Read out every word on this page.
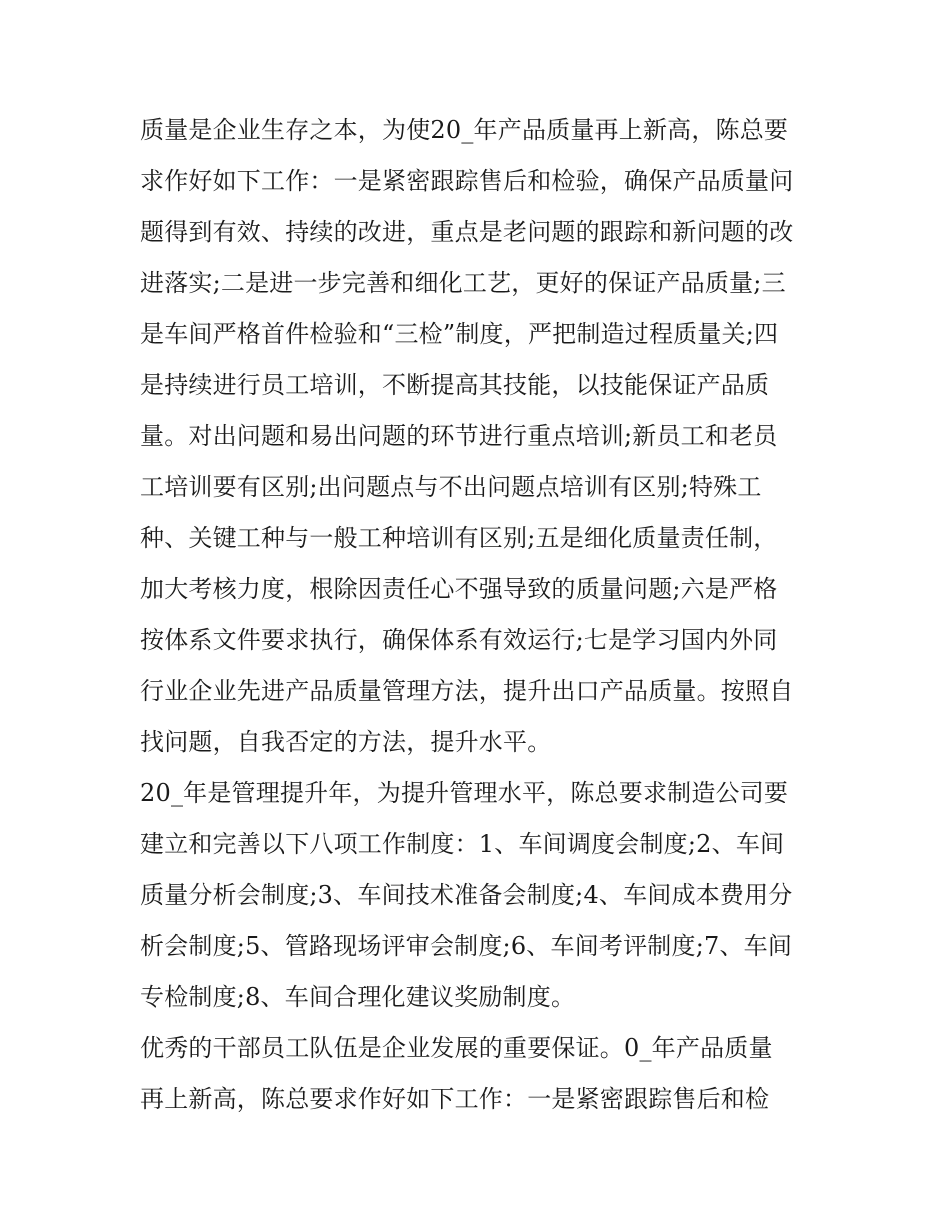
质量是企业生存之本，为使20_年产品质量再上新高，陈总要
求作好如下工作：一是紧密跟踪售后和检验，确保产品质量问
题得到有效、持续的改进，重点是老问题的跟踪和新问题的改
进落实;二是进一步完善和细化工艺，更好的保证产品质量;三
是车间严格首件检验和“三检”制度，严把制造过程质量关;四
是持续进行员工培训，不断提高其技能，以技能保证产品质
量。对出问题和易出问题的环节进行重点培训;新员工和老员
工培训要有区别;出问题点与不出问题点培训有区别;特殊工
种、关键工种与一般工种培训有区别;五是细化质量责任制，
加大考核力度，根除因责任心不强导致的质量问题;六是严格
按体系文件要求执行，确保体系有效运行;七是学习国内外同
行业企业先进产品质量管理方法，提升出口产品质量。按照自
找问题，自我否定的方法，提升水平。
20_年是管理提升年，为提升管理水平，陈总要求制造公司要
建立和完善以下八项工作制度：1、车间调度会制度;2、车间
质量分析会制度;3、车间技术准备会制度;4、车间成本费用分
析会制度;5、管路现场评审会制度;6、车间考评制度;7、车间
专检制度;8、车间合理化建议奖励制度。
优秀的干部员工队伍是企业发展的重要保证。0_年产品质量
再上新高，陈总要求作好如下工作：一是紧密跟踪售后和检
